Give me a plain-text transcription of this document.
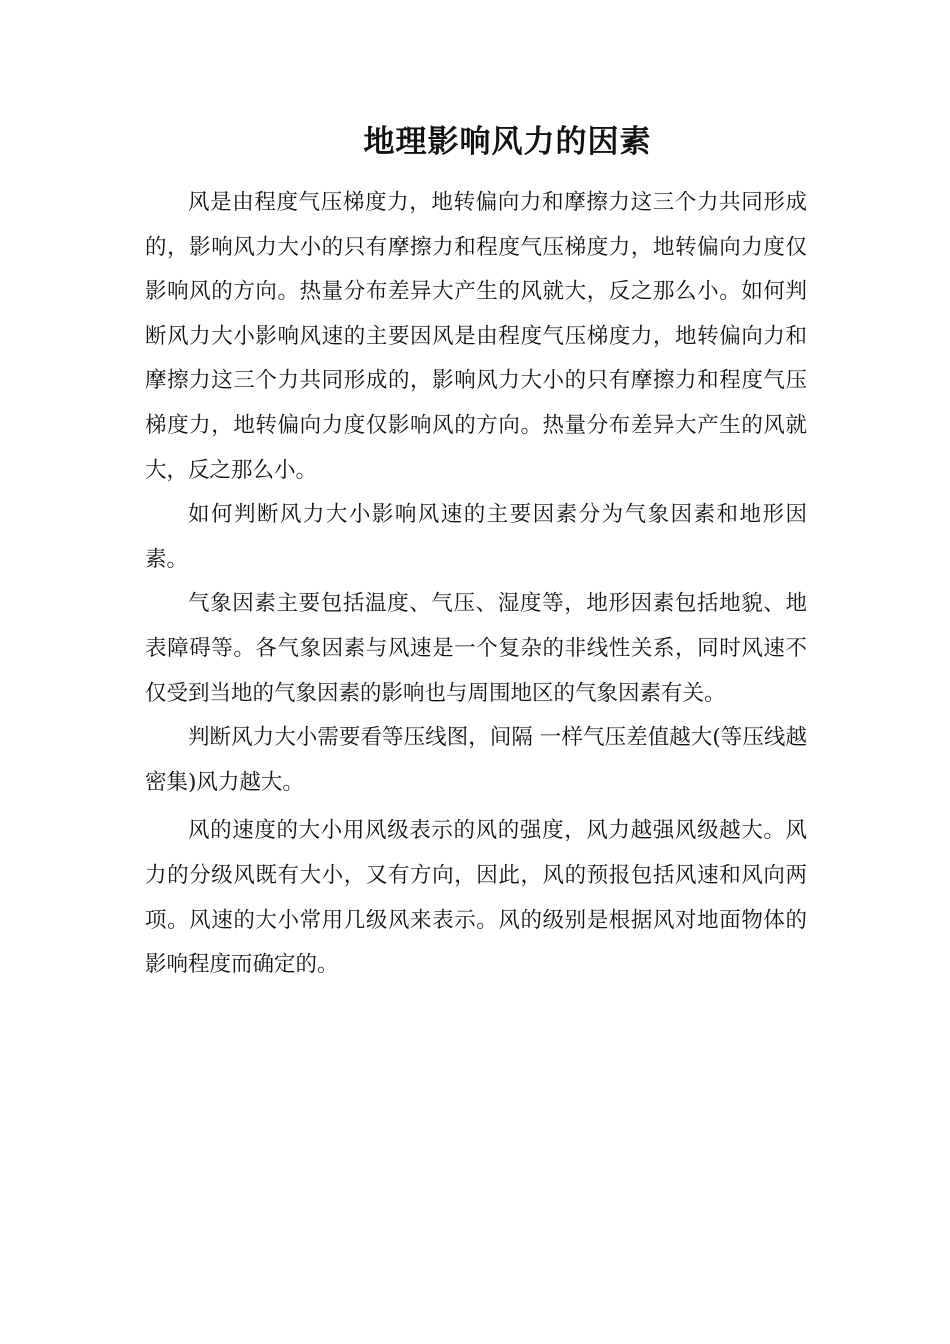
地理影响风力的因素

风是由程度气压梯度力，地转偏向力和摩擦力这三个力共同形成的，影响风力大小的只有摩擦力和程度气压梯度力，地转偏向力度仅影响风的方向。热量分布差异大产生的风就大，反之那么小。如何判断风力大小影响风速的主要因风是由程度气压梯度力，地转偏向力和摩擦力这三个力共同形成的，影响风力大小的只有摩擦力和程度气压梯度力，地转偏向力度仅影响风的方向。热量分布差异大产生的风就大，反之那么小。

如何判断风力大小影响风速的主要因素分为气象因素和地形因素。

气象因素主要包括温度、气压、湿度等，地形因素包括地貌、地表障碍等。各气象因素与风速是一个复杂的非线性关系，同时风速不仅受到当地的气象因素的影响也与周围地区的气象因素有关。

判断风力大小需要看等压线图，间隔 一样气压差值越大(等压线越密集)风力越大。

风的速度的大小用风级表示的风的强度，风力越强风级越大。风力的分级风既有大小，又有方向，因此，风的预报包括风速和风向两项。风速的大小常用几级风来表示。风的级别是根据风对地面物体的影响程度而确定的。
